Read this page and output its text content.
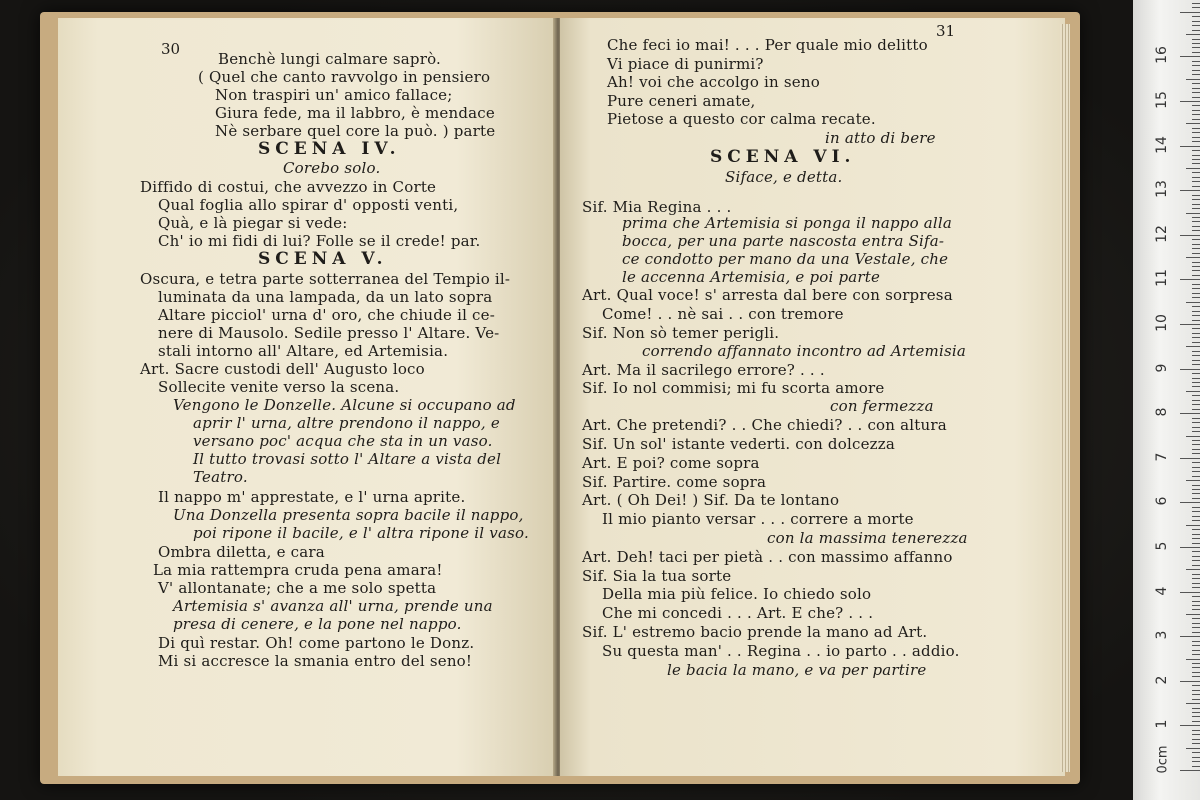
30
Benchè lungi calmare saprò.
( Quel che canto ravvolgo in pensiero
Non traspiri un' amico fallace;
Giura fede, ma il labbro, è mendace
Nè serbare quel core la può. ) parte
SCENA IV.
Corebo solo.
Diffido di costui, che avvezzo in Corte
Qual foglia allo spirar d' opposti venti,
Quà, e là piegar si vede:
Ch' io mi fidi di lui? Folle se il crede! par.
SCENA V.
Oscura, e tetra parte sotterranea del Tempio il-
luminata da una lampada, da un lato sopra
Altare picciol' urna d' oro, che chiude il ce-
nere di Mausolo. Sedile presso l' Altare. Ve-
stali intorno all' Altare, ed Artemisia.
Art. Sacre custodi dell' Augusto loco
Sollecite venite verso la scena.
Vengono le Donzelle. Alcune si occupano ad
aprir l' urna, altre prendono il nappo, e
versano poc' acqua che sta in un vaso.
Il tutto trovasi sotto l' Altare a vista del
Teatro.
Il nappo m' apprestate, e l' urna aprite.
Una Donzella presenta sopra bacile il nappo,
poi ripone il bacile, e l' altra ripone il vaso.
Ombra diletta, e cara
La mia rattempra cruda pena amara!
V' allontanate; che a me solo spetta
Artemisia s' avanza all' urna, prende una
presa di cenere, e la pone nel nappo.
Di quì restar. Oh! come partono le Donz.
Mi si accresce la smania entro del seno!
31
Che feci io mai! . . . Per quale mio delitto
Vi piace di punirmi?
Ah! voi che accolgo in seno
Pure ceneri amate,
Pietose a questo cor calma recate.
in atto di bere
SCENA VI.
Siface, e detta.
Sif. Mia Regina . . .
prima che Artemisia si ponga il nappo alla
bocca, per una parte nascosta entra Sifa-
ce condotto per mano da una Vestale, che
le accenna Artemisia, e poi parte
Art. Qual voce! s' arresta dal bere con sorpresa
Come! . . nè sai . . con tremore
Sif. Non sò temer perigli.
correndo affannato incontro ad Artemisia
Art. Ma il sacrilego errore? . . .
Sif. Io nol commisi; mi fu scorta amore
con fermezza
Art. Che pretendi? . . Che chiedi? . . con altura
Sif. Un sol' istante vederti. con dolcezza
Art. E poi? come sopra
Sif. Partire. come sopra
Art. ( Oh Dei! ) Sif. Da te lontano
Il mio pianto versar . . . correre a morte
con la massima tenerezza
Art. Deh! taci per pietà . . con massimo affanno
Sif. Sia la tua sorte
Della mia più felice. Io chiedo solo
Che mi concedi . . . Art. E che? . . .
Sif. L' estremo bacio prende la mano ad Art.
Su questa man' . . Regina . . io parto . . addio.
le bacia la mano, e va per partire
0cm
1
2
3
4
5
6
7
8
9
10
11
12
13
14
15
16
